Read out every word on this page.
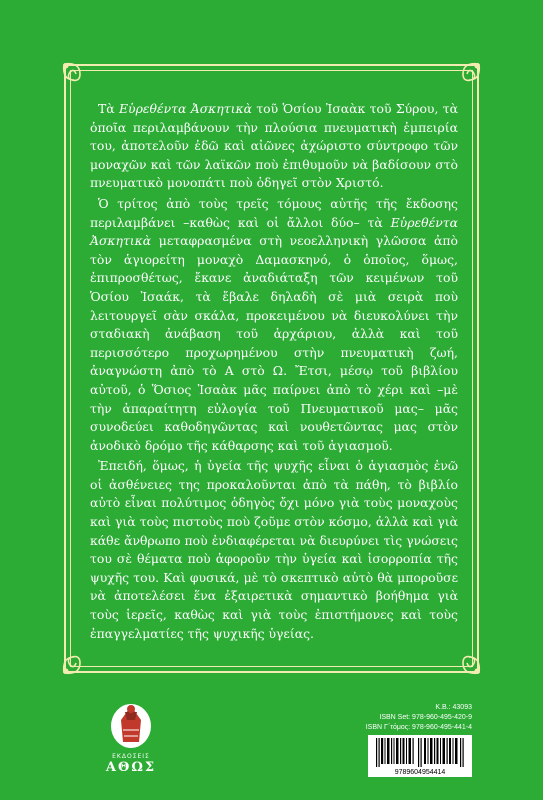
Τὰ Εὑρεθέντα Ἀσκητικὰ τοῦ Ὁσίου Ἰσαὰκ τοῦ Σύρου, τὰ ὁποῖα περιλαμβάνουν τὴν πλούσια πνευματικὴ ἐμπειρία του, ἀποτελοῦν ἐδῶ καὶ αἰῶνες ἀχώριστο σύντροφο τῶν μοναχῶν καὶ τῶν λαϊκῶν ποὺ ἐπιθυμοῦν νὰ βαδίσουν στὸ πνευματικὸ μονοπάτι ποὺ ὁδηγεῖ στὸν Χριστό.

Ὁ τρίτος ἀπὸ τοὺς τρεῖς τόμους αὐτῆς τῆς ἔκδοσης περιλαμβάνει –καθὼς καὶ οἱ ἄλλοι δύο– τὰ Εὑρεθέντα Ἀσκητικὰ μεταφρασμένα στὴ νεοελληνικὴ γλῶσσα ἀπὸ τὸν ἁγιορείτη μοναχὸ Δαμασκηνό, ὁ ὁποῖος, ὅμως, ἐπιπροσθέτως, ἔκανε ἀναδιάταξη τῶν κειμένων τοῦ Ὁσίου Ἰσαάκ, τὰ ἔβαλε δηλαδὴ σὲ μιὰ σειρὰ ποὺ λειτουργεῖ σὰν σκάλα, προκειμένου νὰ διευκολύνει τὴν σταδιακὴ ἀνάβαση τοῦ ἀρχάριου, ἀλλὰ καὶ τοῦ περισσότερο προχωρημένου στὴν πνευματικὴ ζωή, ἀναγνώστη ἀπὸ τὸ Α στὸ Ω. Ἔτσι, μέσῳ τοῦ βιβλίου αὐτοῦ, ὁ Ὅσιος Ἰσαὰκ μᾶς παίρνει ἀπὸ τὸ χέρι καὶ –μὲ τὴν ἀπαραίτητη εὐλογία τοῦ Πνευματικοῦ μας– μᾶς συνοδεύει καθοδηγῶντας καὶ νουθετῶντας μας στὸν ἀνοδικὸ δρόμο τῆς κάθαρσης καὶ τοῦ ἁγιασμοῦ.

Ἐπειδή, ὅμως, ἡ ὑγεία τῆς ψυχῆς εἶναι ὁ ἁγιασμὸς ἐνῶ οἱ ἀσθένειες της προκαλοῦνται ἀπὸ τὰ πάθη, τὸ βιβλίο αὐτὸ εἶναι πολύτιμος ὁδηγὸς ὄχι μόνο γιὰ τοὺς μοναχοὺς καὶ γιὰ τοὺς πιστοὺς ποὺ ζοῦμε στὸν κόσμο, ἀλλὰ καὶ γιὰ κάθε ἄνθρωπο ποὺ ἐνδιαφέρεται νὰ διευρύνει τὶς γνώσεις του σὲ θέματα ποὺ ἀφοροῦν τὴν ὑγεία καὶ ἰσορροπία τῆς ψυχῆς του. Καὶ φυσικά, μὲ τὸ σκεπτικὸ αὐτὸ θὰ μποροῦσε νὰ ἀποτελέσει ἕνα ἐξαιρετικὰ σημαντικὸ βοήθημα γιὰ τοὺς ἱερεῖς, καθὼς καὶ γιὰ τοὺς ἐπιστήμονες καὶ τοὺς ἐπαγγελματίες τῆς ψυχικῆς ὑγείας.

ΕΚΔΟΣΕΙΣ
ΑΘΩΣ
Κ.Β.: 43093
ISBN Set: 978-960-495-420-9
ISBN Γ΄τόμος: 978-960-495-441-4
9789604954414
